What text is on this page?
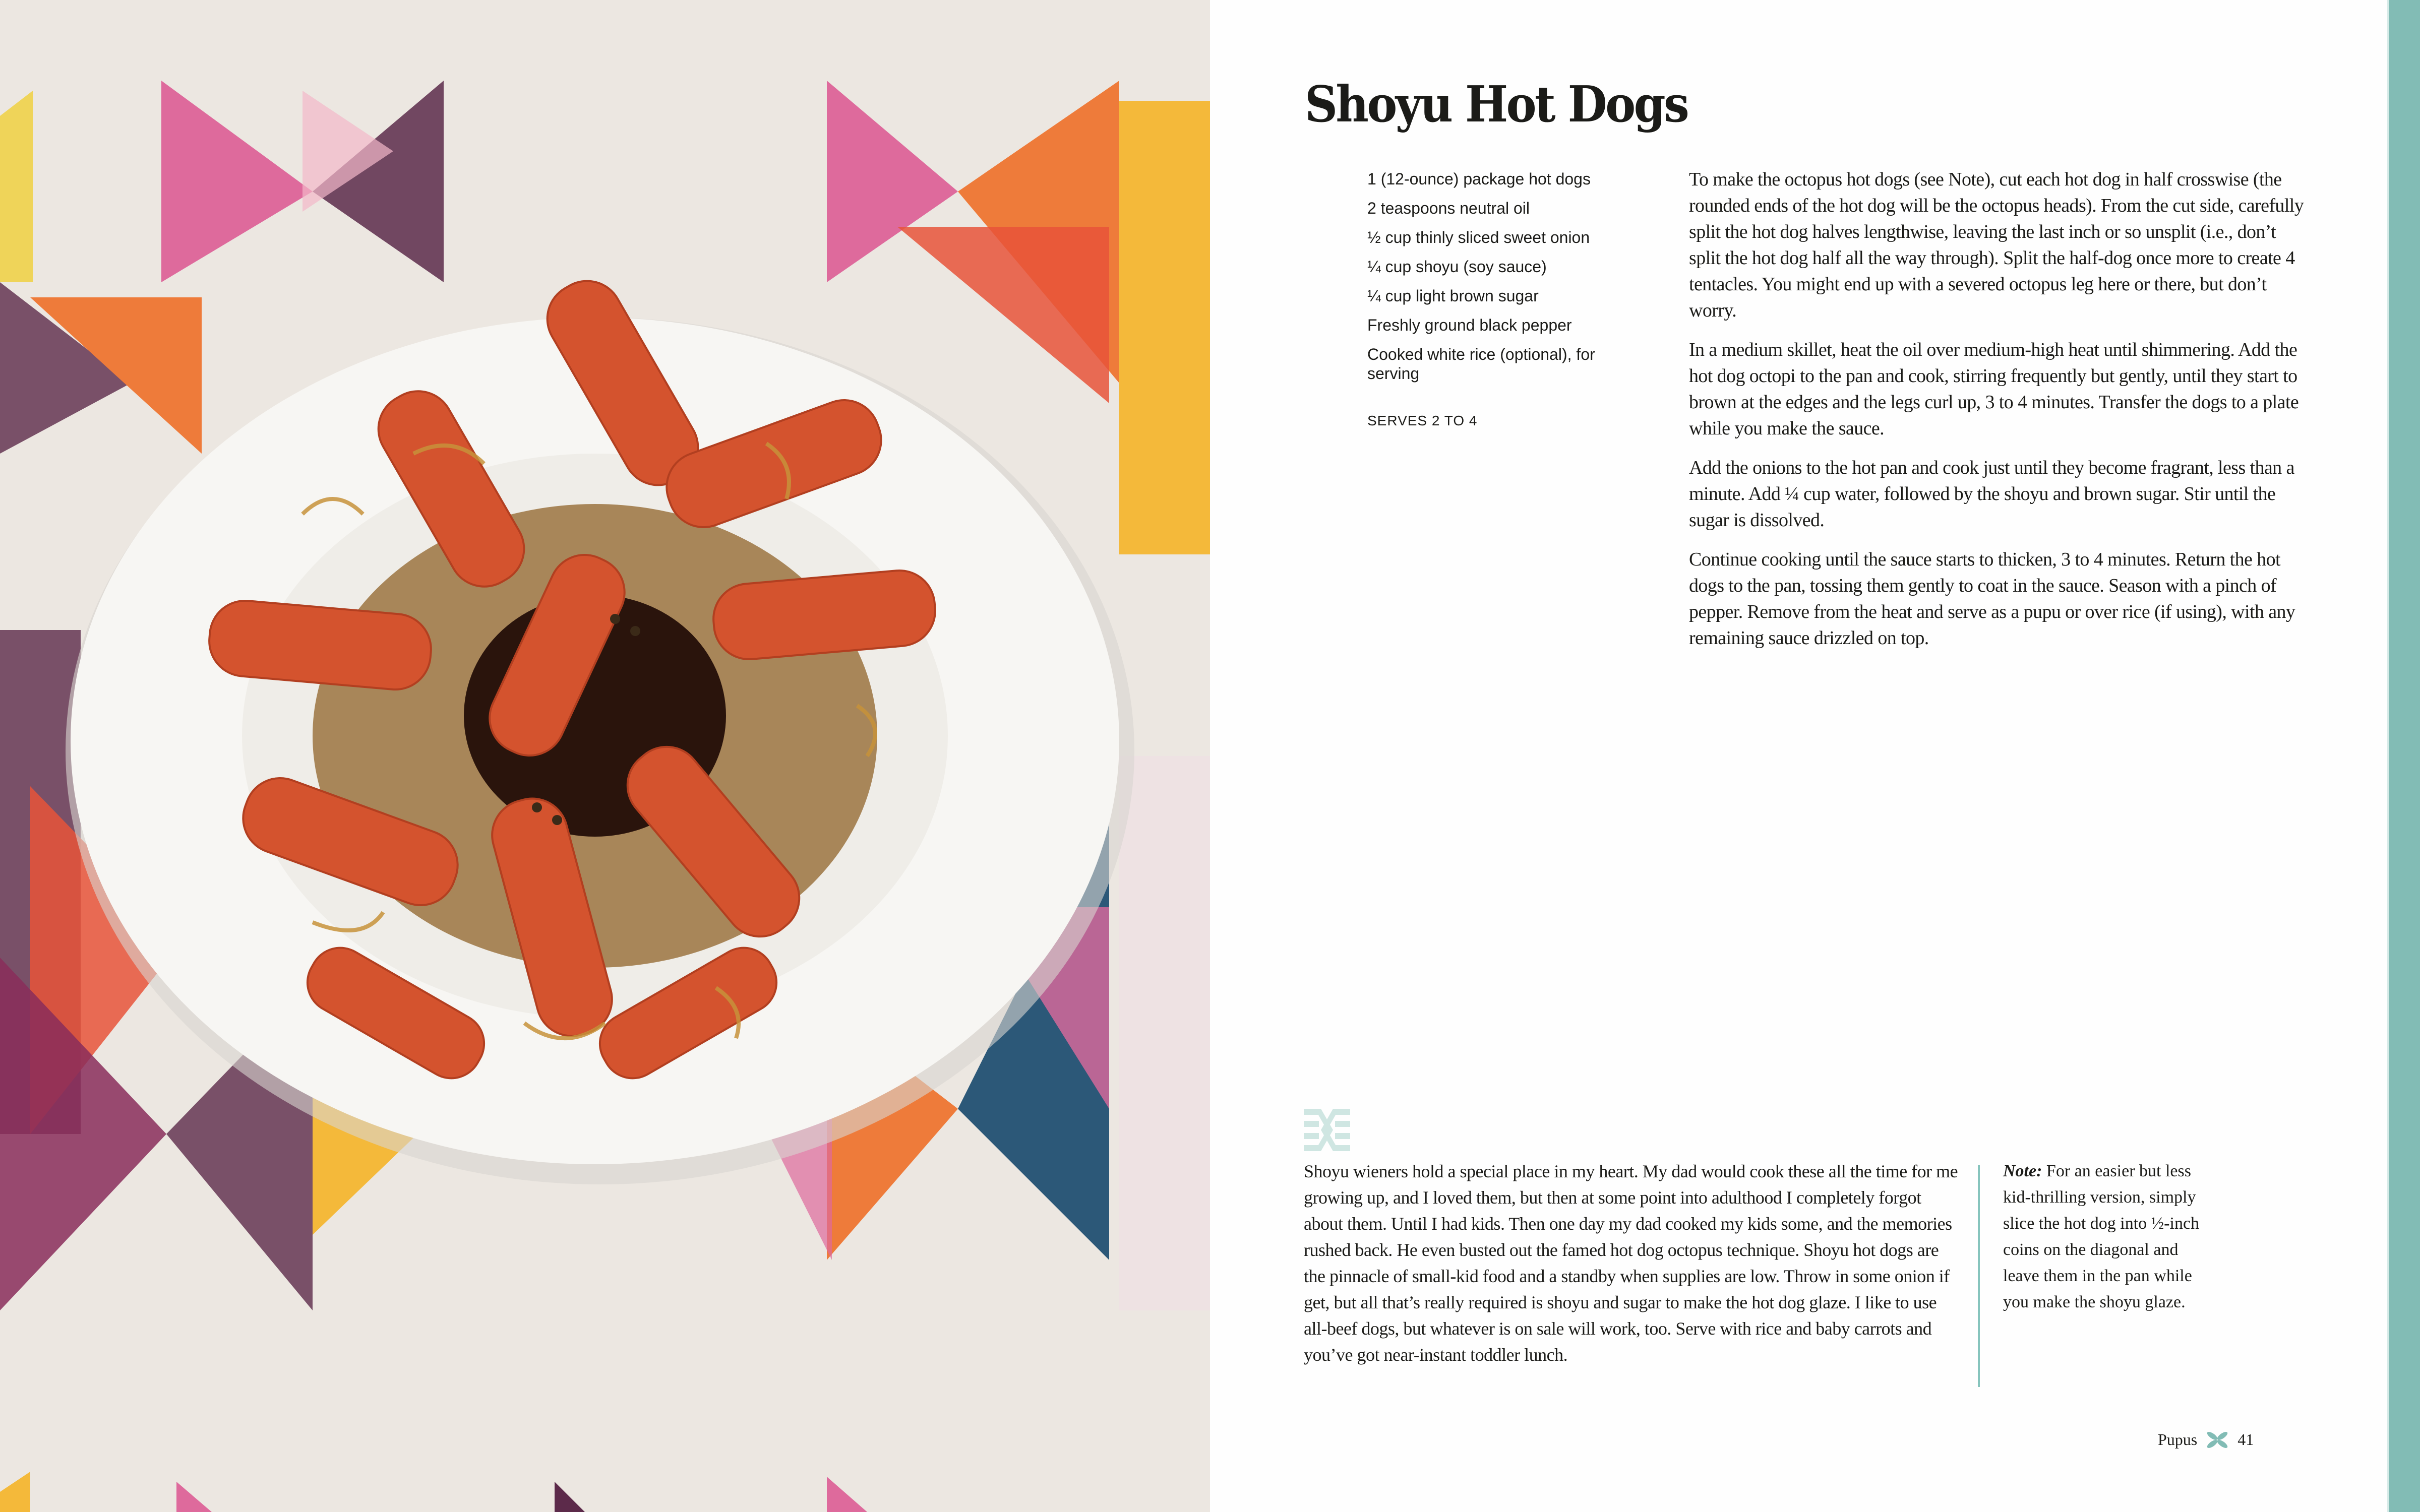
Shoyu Hot Dogs
1 (12-ounce) package hot dogs
2 teaspoons neutral oil
½ cup thinly sliced sweet onion
¼ cup shoyu (soy sauce)
¼ cup light brown sugar
Freshly ground black pepper
Cooked white rice (optional), for serving
SERVES 2 TO 4

To make the octopus hot dogs (see Note), cut each hot dog in half crosswise (the rounded ends of the hot dog will be the octopus heads). From the cut side, carefully split the hot dog halves lengthwise, leaving the last inch or so unsplit (i.e., don’t split the hot dog half all the way through). Split the half-dog once more to create 4 tentacles. You might end up with a severed octopus leg here or there, but don’t worry.

In a medium skillet, heat the oil over medium-high heat until shimmering. Add the hot dog octopi to the pan and cook, stirring frequently but gently, until they start to brown at the edges and the legs curl up, 3 to 4 minutes. Transfer the dogs to a plate while you make the sauce.

Add the onions to the hot pan and cook just until they become fragrant, less than a minute. Add ¼ cup water, followed by the shoyu and brown sugar. Stir until the sugar is dissolved.

Continue cooking until the sauce starts to thicken, 3 to 4 minutes. Return the hot dogs to the pan, tossing them gently to coat in the sauce. Season with a pinch of pepper. Remove from the heat and serve as a pupu or over rice (if using), with any remaining sauce drizzled on top.

Shoyu wieners hold a special place in my heart. My dad would cook these all the time for me growing up, and I loved them, but then at some point into adulthood I completely forgot about them. Until I had kids. Then one day my dad cooked my kids some, and the memories rushed back. He even busted out the famed hot dog octopus technique. Shoyu hot dogs are the pinnacle of small-kid food and a standby when supplies are low. Throw in some onion if get, but all that’s really required is shoyu and sugar to make the hot dog glaze. I like to use all-beef dogs, but whatever is on sale will work, too. Serve with rice and baby carrots and you’ve got near-instant toddler lunch.

Note: For an easier but less kid-thrilling version, simply slice the hot dog into ½-inch coins on the diagonal and leave them in the pan while you make the shoyu glaze.

Pupus	41
